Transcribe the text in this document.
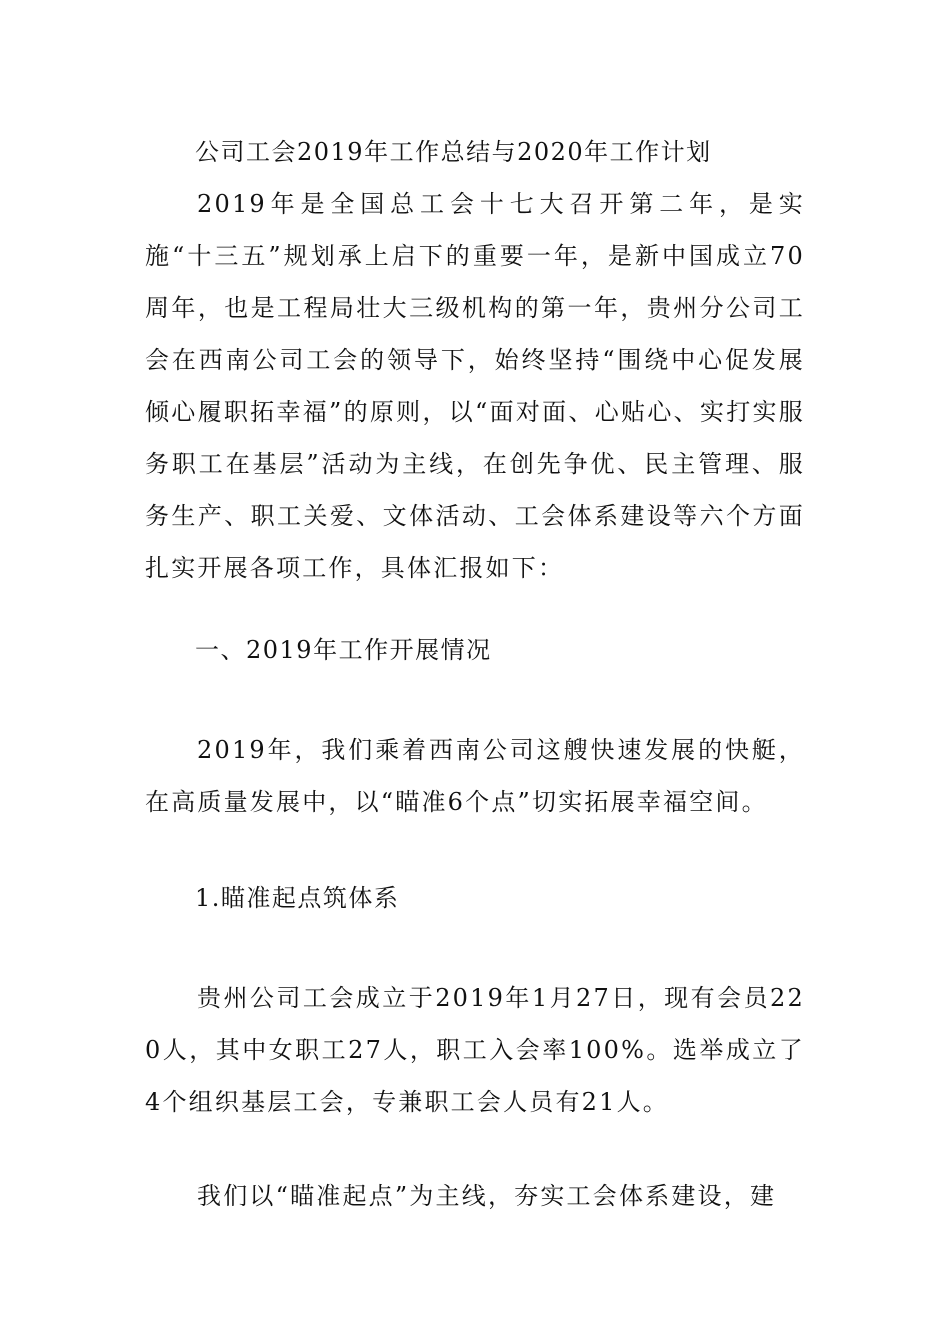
公司工会2019年工作总结与2020年工作计划

2019年是全国总工会十七大召开第二年，是实施“十三五”规划承上启下的重要一年，是新中国成立70周年，也是工程局壮大三级机构的第一年，贵州分公司工会在西南公司工会的领导下，始终坚持“围绕中心促发展 倾心履职拓幸福”的原则，以“面对面、心贴心、实打实服务职工在基层”活动为主线，在创先争优、民主管理、服务生产、职工关爱、文体活动、工会体系建设等六个方面扎实开展各项工作，具体汇报如下：

一、2019年工作开展情况

2019年，我们乘着西南公司这艘快速发展的快艇，在高质量发展中，以“瞄准6个点”切实拓展幸福空间。

1.瞄准起点筑体系

贵州公司工会成立于2019年1月27日，现有会员220人，其中女职工27人，职工入会率100%。选举成立了4个组织基层工会，专兼职工会人员有21人。

我们以“瞄准起点”为主线，夯实工会体系建设，建
